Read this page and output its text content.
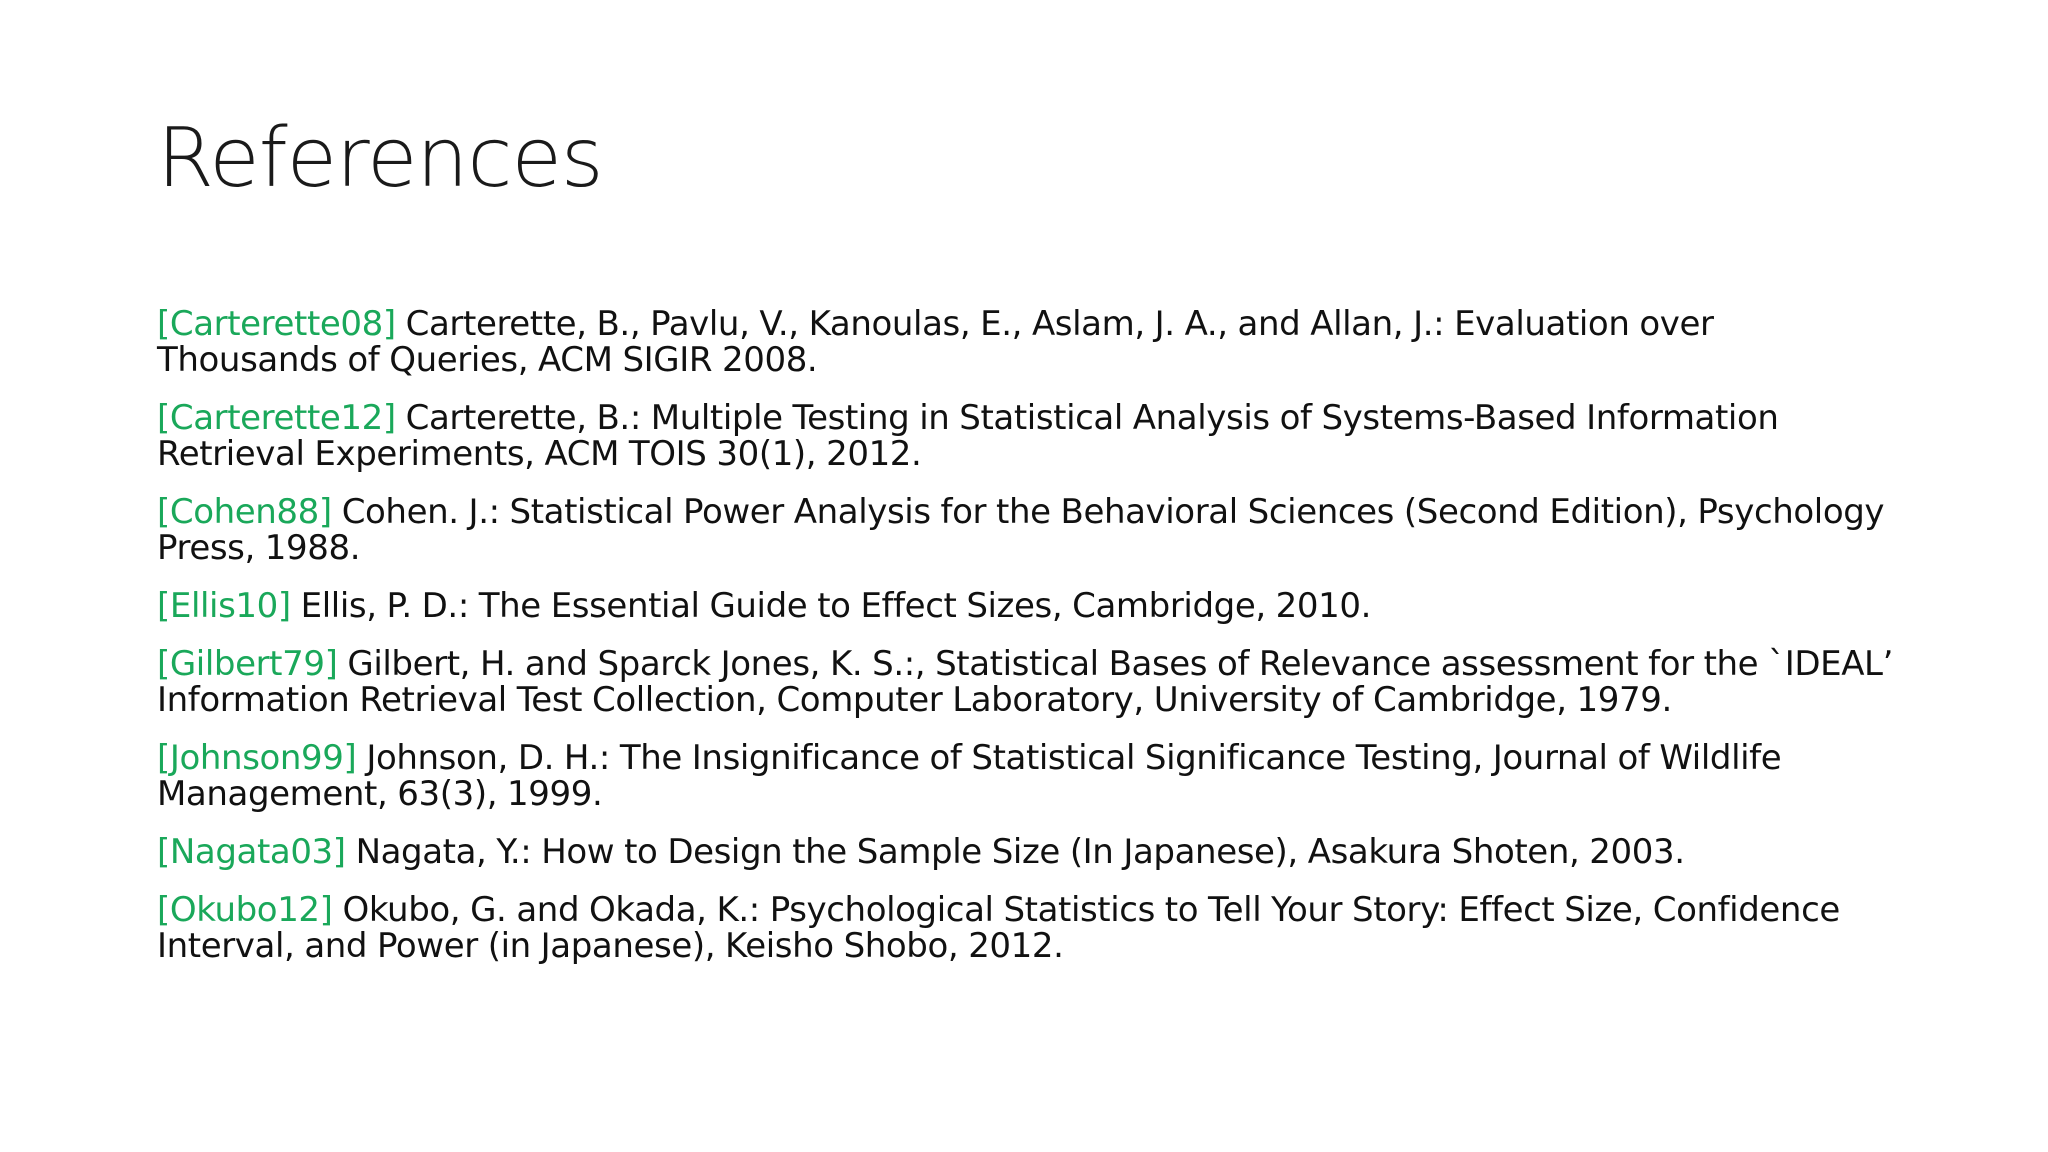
References
[Carterette08] Carterette, B., Pavlu, V., Kanoulas, E., Aslam, J. A., and Allan, J.: Evaluation over Thousands of Queries, ACM SIGIR 2008.
[Carterette12] Carterette, B.: Multiple Testing in Statistical Analysis of Systems-Based Information Retrieval Experiments, ACM TOIS 30(1), 2012.
[Cohen88] Cohen. J.: Statistical Power Analysis for the Behavioral Sciences (Second Edition), Psychology Press, 1988.
[Ellis10] Ellis, P. D.: The Essential Guide to Effect Sizes, Cambridge, 2010.
[Gilbert79] Gilbert, H. and Sparck Jones, K. S.:, Statistical Bases of Relevance assessment for the `IDEAL’ Information Retrieval Test Collection, Computer Laboratory, University of Cambridge, 1979.
[Johnson99] Johnson, D. H.: The Insignificance of Statistical Significance Testing, Journal of Wildlife Management, 63(3), 1999.
[Nagata03] Nagata, Y.: How to Design the Sample Size (In Japanese), Asakura Shoten, 2003.
[Okubo12] Okubo, G. and Okada, K.: Psychological Statistics to Tell Your Story: Effect Size, Confidence Interval, and Power (in Japanese), Keisho Shobo, 2012.
